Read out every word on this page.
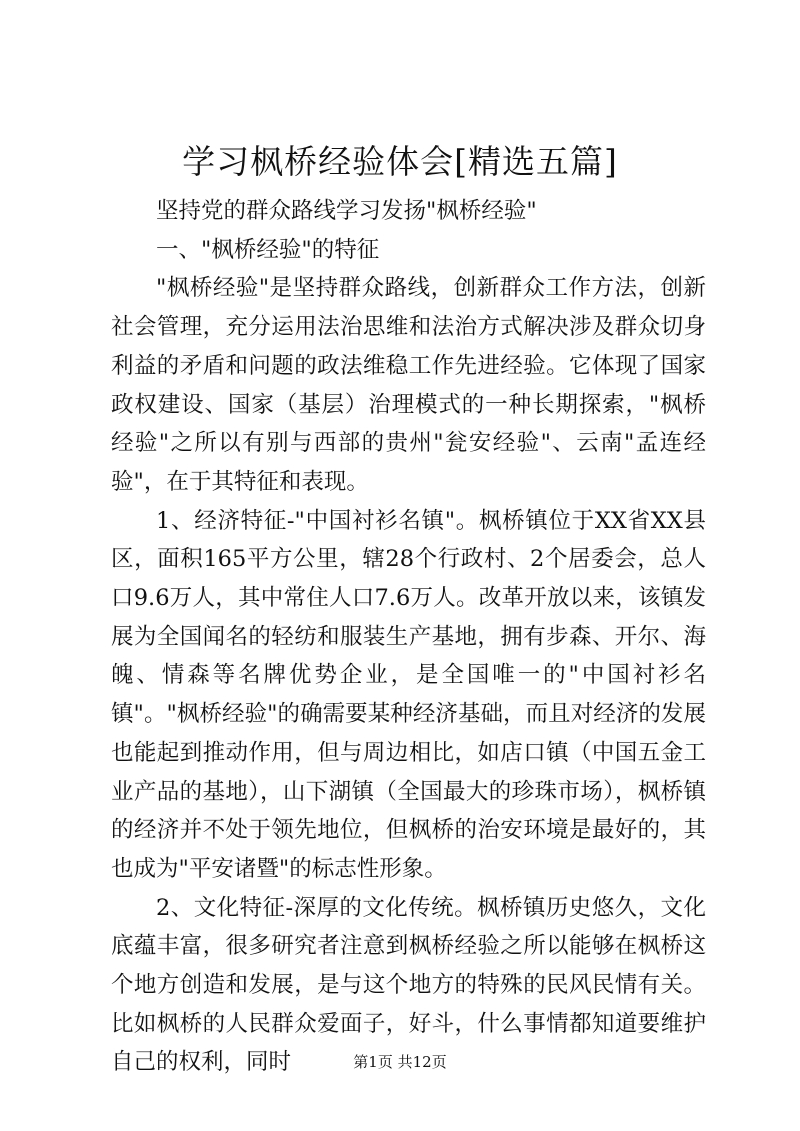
学习枫桥经验体会[精选五篇]

坚持党的群众路线学习发扬"枫桥经验"

一、"枫桥经验"的特征

"枫桥经验"是坚持群众路线，创新群众工作方法，创新社会管理，充分运用法治思维和法治方式解决涉及群众切身利益的矛盾和问题的政法维稳工作先进经验。它体现了国家政权建设、国家（基层）治理模式的一种长期探索，"枫桥经验"之所以有别与西部的贵州"瓮安经验"、云南"孟连经验"，在于其特征和表现。

1、经济特征-"中国衬衫名镇"。枫桥镇位于XX省XX县区，面积165平方公里，辖28个行政村、2个居委会，总人口9.6万人，其中常住人口7.6万人。改革开放以来，该镇发展为全国闻名的轻纺和服装生产基地，拥有步森、开尔、海魄、情森等名牌优势企业，是全国唯一的"中国衬衫名镇"。"枫桥经验"的确需要某种经济基础，而且对经济的发展也能起到推动作用，但与周边相比，如店口镇（中国五金工业产品的基地），山下湖镇（全国最大的珍珠市场），枫桥镇的经济并不处于领先地位，但枫桥的治安环境是最好的，其也成为"平安诸暨"的标志性形象。

2、文化特征-深厚的文化传统。枫桥镇历史悠久，文化底蕴丰富，很多研究者注意到枫桥经验之所以能够在枫桥这个地方创造和发展，是与这个地方的特殊的民风民情有关。比如枫桥的人民群众爱面子，好斗，什么事情都知道要维护自己的权利，同时	第1页 共12页
